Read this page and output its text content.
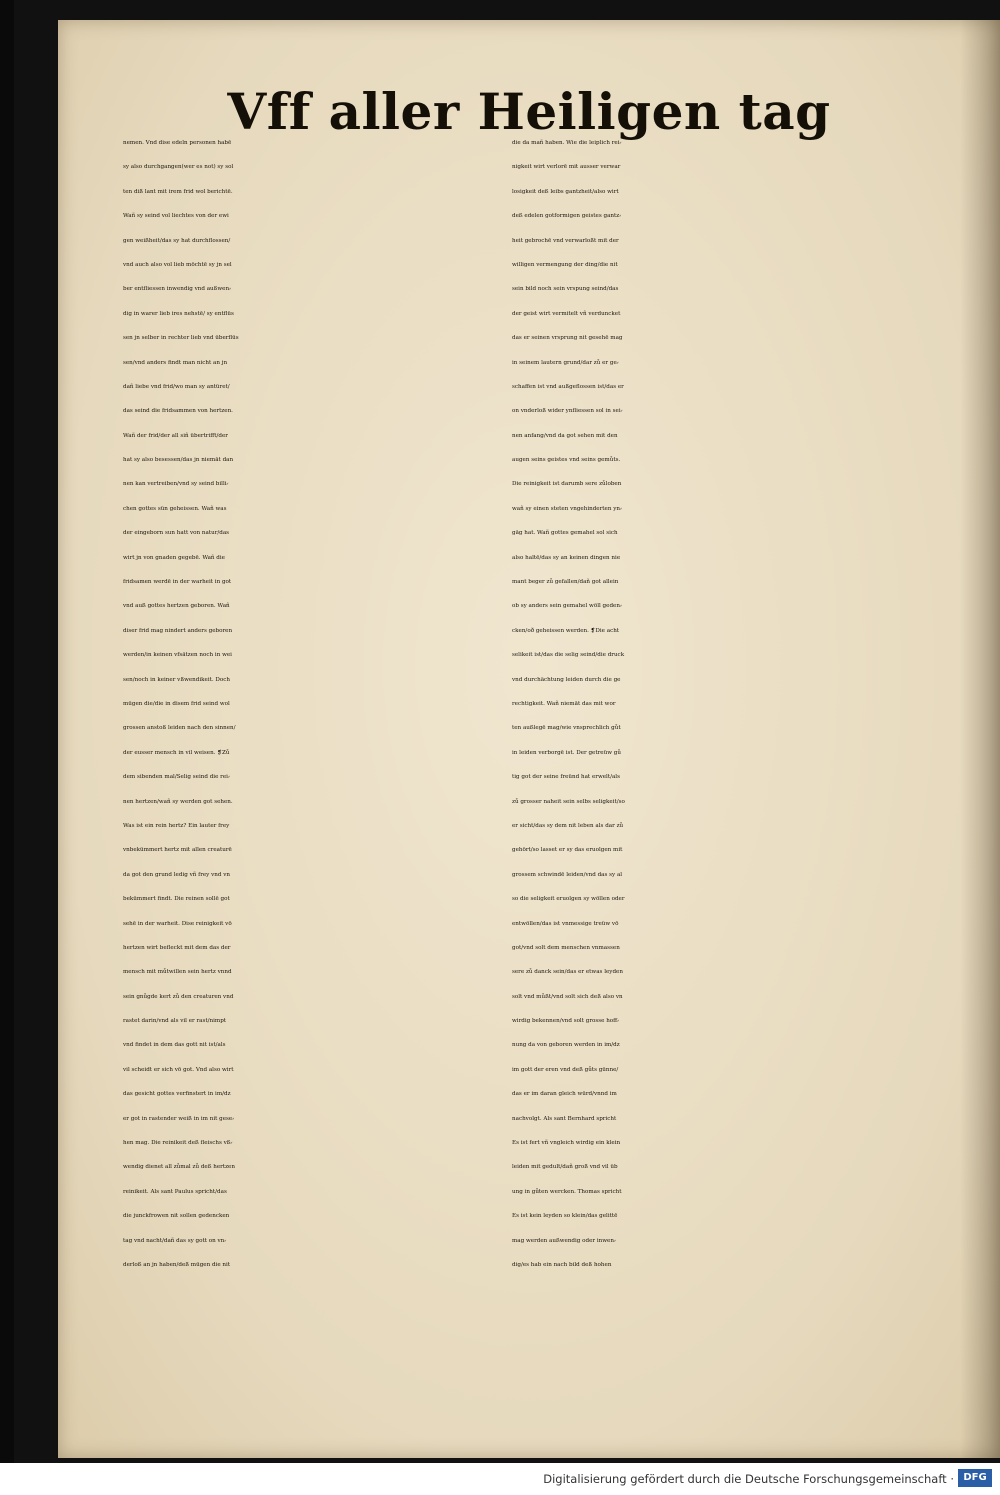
Vff aller Heiligen tag
nemen. Vnd dise edeln personen habē
sy also durchgangen(wer es not) sy sol
ten diß lant mit irem frid wol berichtē.
Wañ sy seind vol liechtes von der ewi
gen weißheit/das sy hat durchflossen/
vnd auch also vol lieb möchtē sy jn sel
ber entfliessen inwendig vnd außwen⸗
dig in warer lieb ires nehstē/ sy entflüs
sen jn selber in rechter lieb vnd überflüs
sen/vnd anders findt man nicht an jn
dañ liebe vnd frid/wo man sy antüret/
das seind die fridsammen von hertzen.
Wañ der frid/der all siñ übertrifft/der
hat sy also besessen/das jn niemāt dan
nen kan vertreiben/vnd sy seind billi⸗
chen gottes sün geheissen. Wañ was
der eingeborn sun hatt von natur/das
wirt jn von gnaden gegebē. Wañ die
fridsamen werdē in der warheit in got
vnd auß gottes hertzen geboren. Wañ
diser frid mag nindert anders geboren
werden/in keinen vfsätzen noch in wei
sen/noch in keiner vßwendikeit. Doch
mügen die/die in disem frid seind wol
grossen anstoß leiden nach den sinnen/
der eusser mensch in vil weisen. ❡Zů
dem sibenden mal/Selig seind die rei⸗
nen hertzen/wañ sy werden got sehen.
Was ist ein rein hertz? Ein lauter frey
vnbekümmert hertz mit allen creaturē
da got den grund ledig vñ frey vnd vn
bekümmert findt. Die reinen sollē got
sehē in der warheit. Dise reinigkeit vō
hertzen wirt befleckt mit dem das der
mensch mit můtwillen sein hertz vnnd
sein gnůgde kert zů den creaturen vnd
rastet darin/vnd als vil er rast/nimpt
vnd findet in dem das gott nit ist/als
vil scheidt er sich vō got. Vnd also wirt
das gesicht gottes verfinstert in im/dz
er got in rastender weiß in im nit gese⸗
hen mag. Die reinikeit deß fleischs vß⸗
wendig dienet all zůmal zů deß hertzen
reinikeit. Als sant Paulus spricht/das
die junckfrowen nit sollen gedencken
tag vnd nacht/dañ das sy gott on vn⸗
derloß an jn haben/deß mügen die nit
die da mañ haben. Wie die leiplich rei⸗
nigkeit wirt verlorē mit ausser verwar
losigkeit deß leibs gantzheit/also wirt
deß edelen gotformigen geistes gantz⸗
heit gebrochē vnd verwarloßt mit der
willigen vermengung der ding/die nit
sein bild noch sein vrspung seind/das
der geist wirt vermitelt vñ verduncket
das er seinen vrsprung nit gesehē mag
in seinem lautern grund/dar zů er ge⸗
schaffen ist vnd außgeflossen ist/das er
on vnderloß wider ynfliessen sol in sei⸗
nen anfang/vnd da got sehen mit den
augen seins geistes vnd seins gemůts.
Die reinigkeit ist darumb sere zůloben
wañ sy einen steten vngehinderten yn⸗
gāg hat. Wañ gottes gemahel sol sich
also haltē/das sy an keinen dingen nie
mant beger zů gefallen/dañ got allein
ob sy anders sein gemahel wöll geden⸗
cken/oð geheissen werden. ❡Die acht
selikeit ist/das die selig seind/die druck
vnd durchächtung leiden durch die ge
rechtigkeit. Wañ niemāt das mit wor
ten außlegē mag/wie vnsprechlich gůt
in leiden verborgē ist. Der getreüw gů
tig got der seine freünd hat erwelt/als
zů grosser naheit sein selbs seligkeit/so
er sicht/das sy dem nit leben als dar zů
gehört/so lasset er sy das eruolgen mit
grossem schwindē leiden/vnd das sy al
so die seligkeit eruolgen sy wöllen oder
entwöllen/das ist vnmessige treüw vō
got/vnd solt dem menschen vnmassen
sere zů danck sein/das er etwas leyden
solt vnd můßt/vnd solt sich deß also vn
wirdig bekennen/vnd solt grosse hoff⸗
nung da von geboren werden in im/dz
im gott der eren vnd deß gůts günne/
das er im daran gleich würd/vnnd im
nachvolgt. Als sant Bernhard spricht
Es ist fert vñ vngleich wirdig ein klein
leiden mit gedult/dañ groß vnd vil üb
ung in gůten wercken. Thomas spricht
Es ist kein leyden so klein/das gelittē
mag werden außwendig oder inwen⸗
dig/es hab ein nach bild deß hohen
Digitalisierung gefördert durch die Deutsche Forschungsgemeinschaft · DFG
